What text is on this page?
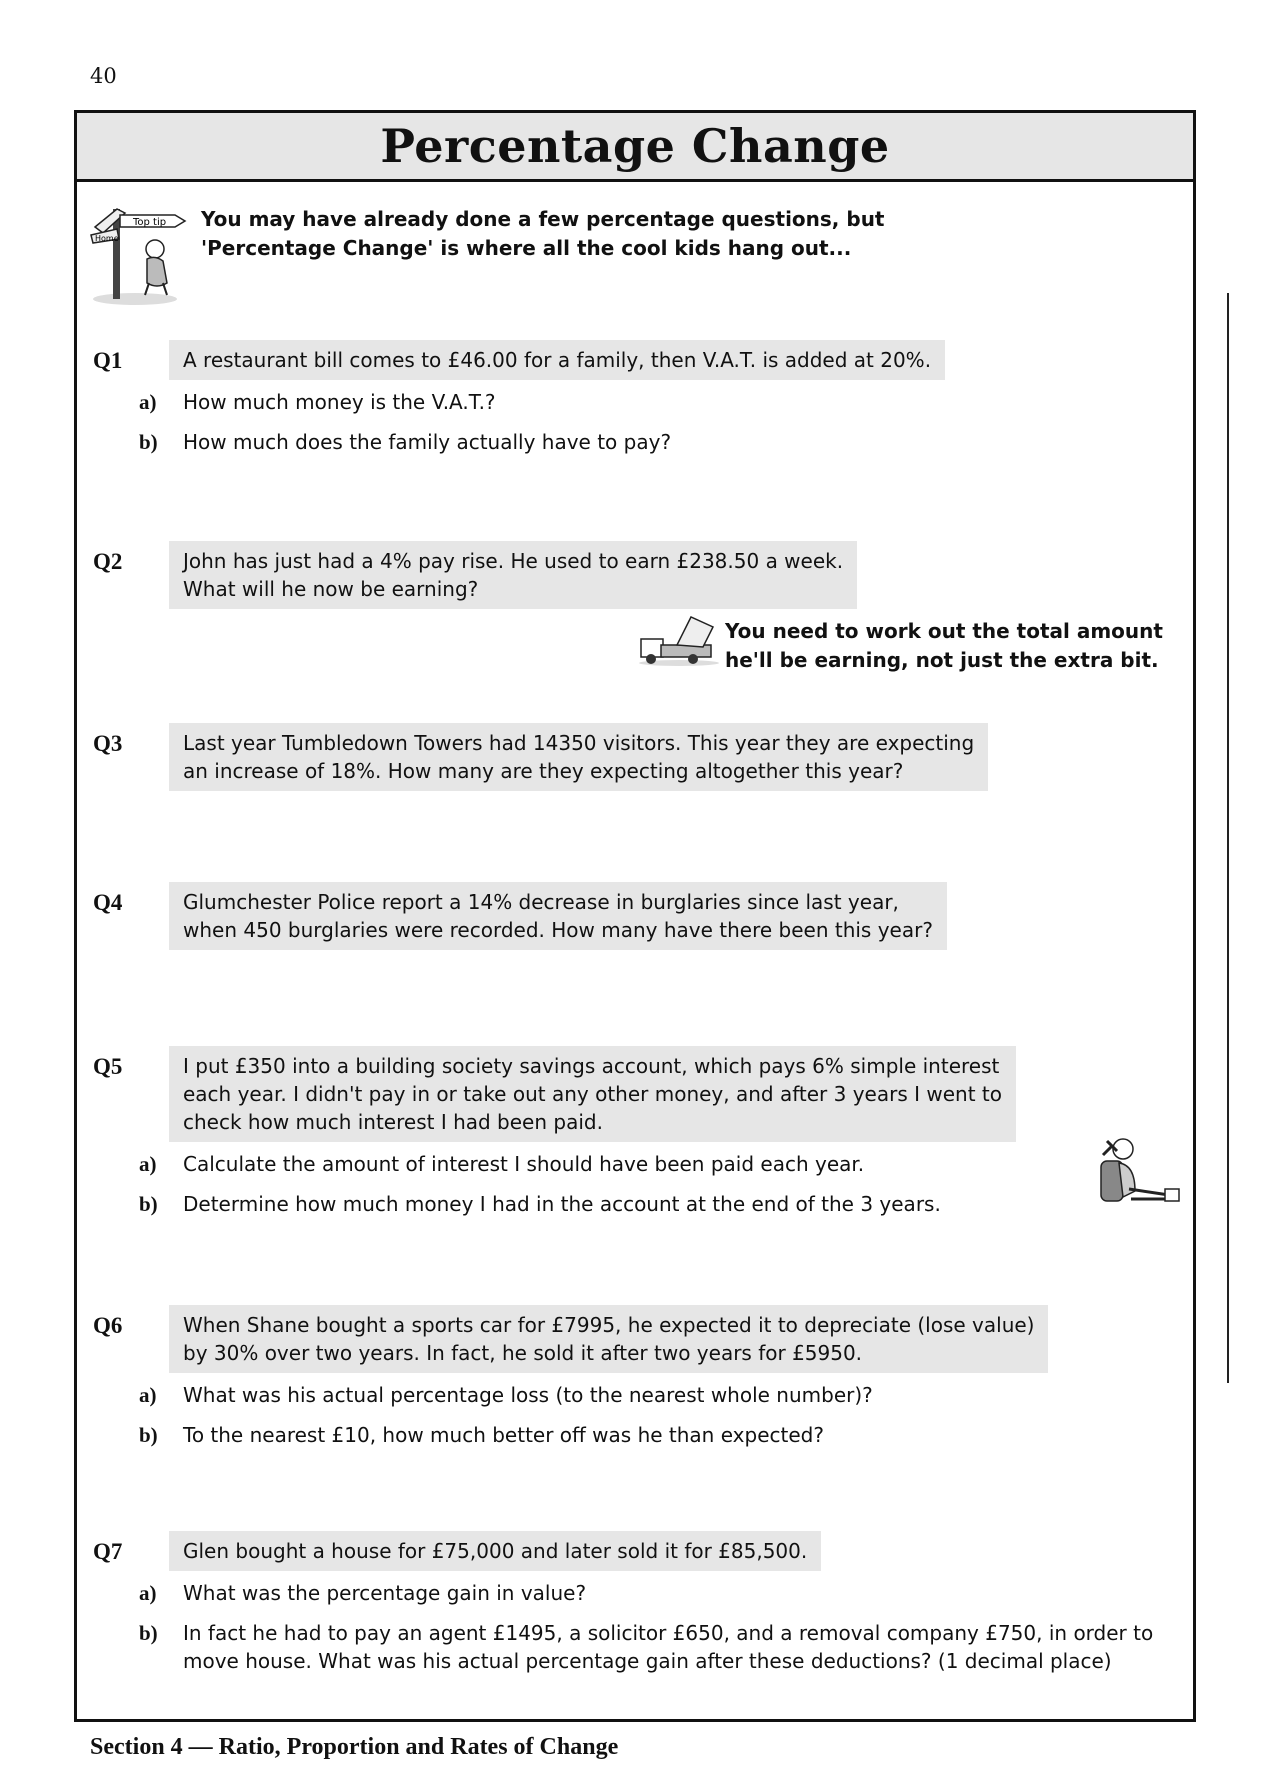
40
Percentage Change
Home
Top tip You may have already done a few percentage questions, but
'Percentage Change' is where all the cool kids hang out...
Q1	A restaurant bill comes to £46.00 for a family, then V.A.T. is added at 20%.
a) How much money is the V.A.T.?
b) How much does the family actually have to pay?
Q2	John has just had a 4% pay rise. He used to earn £238.50 a week.
What will he now be earning?
You need to work out the total amount
he'll be earning, not just the extra bit.
Q3	Last year Tumbledown Towers had 14350 visitors. This year they are expecting
an increase of 18%. How many are they expecting altogether this year?
Q4	Glumchester Police report a 14% decrease in burglaries since last year,
when 450 burglaries were recorded. How many have there been this year?
Q5	I put £350 into a building society savings account, which pays 6% simple interest
each year. I didn't pay in or take out any other money, and after 3 years I went to
check how much interest I had been paid.
a) Calculate the amount of interest I should have been paid each year.
b) Determine how much money I had in the account at the end of the 3 years.
Q6	When Shane bought a sports car for £7995, he expected it to depreciate (lose value)
by 30% over two years. In fact, he sold it after two years for £5950.
a) What was his actual percentage loss (to the nearest whole number)?
b) To the nearest £10, how much better off was he than expected?
Q7	Glen bought a house for £75,000 and later sold it for £85,500.
a) What was the percentage gain in value?
b) In fact he had to pay an agent £1495, a solicitor £650, and a removal company £750, in order to
move house. What was his actual percentage gain after these deductions? (1 decimal place)
Section 4 — Ratio, Proportion and Rates of Change
